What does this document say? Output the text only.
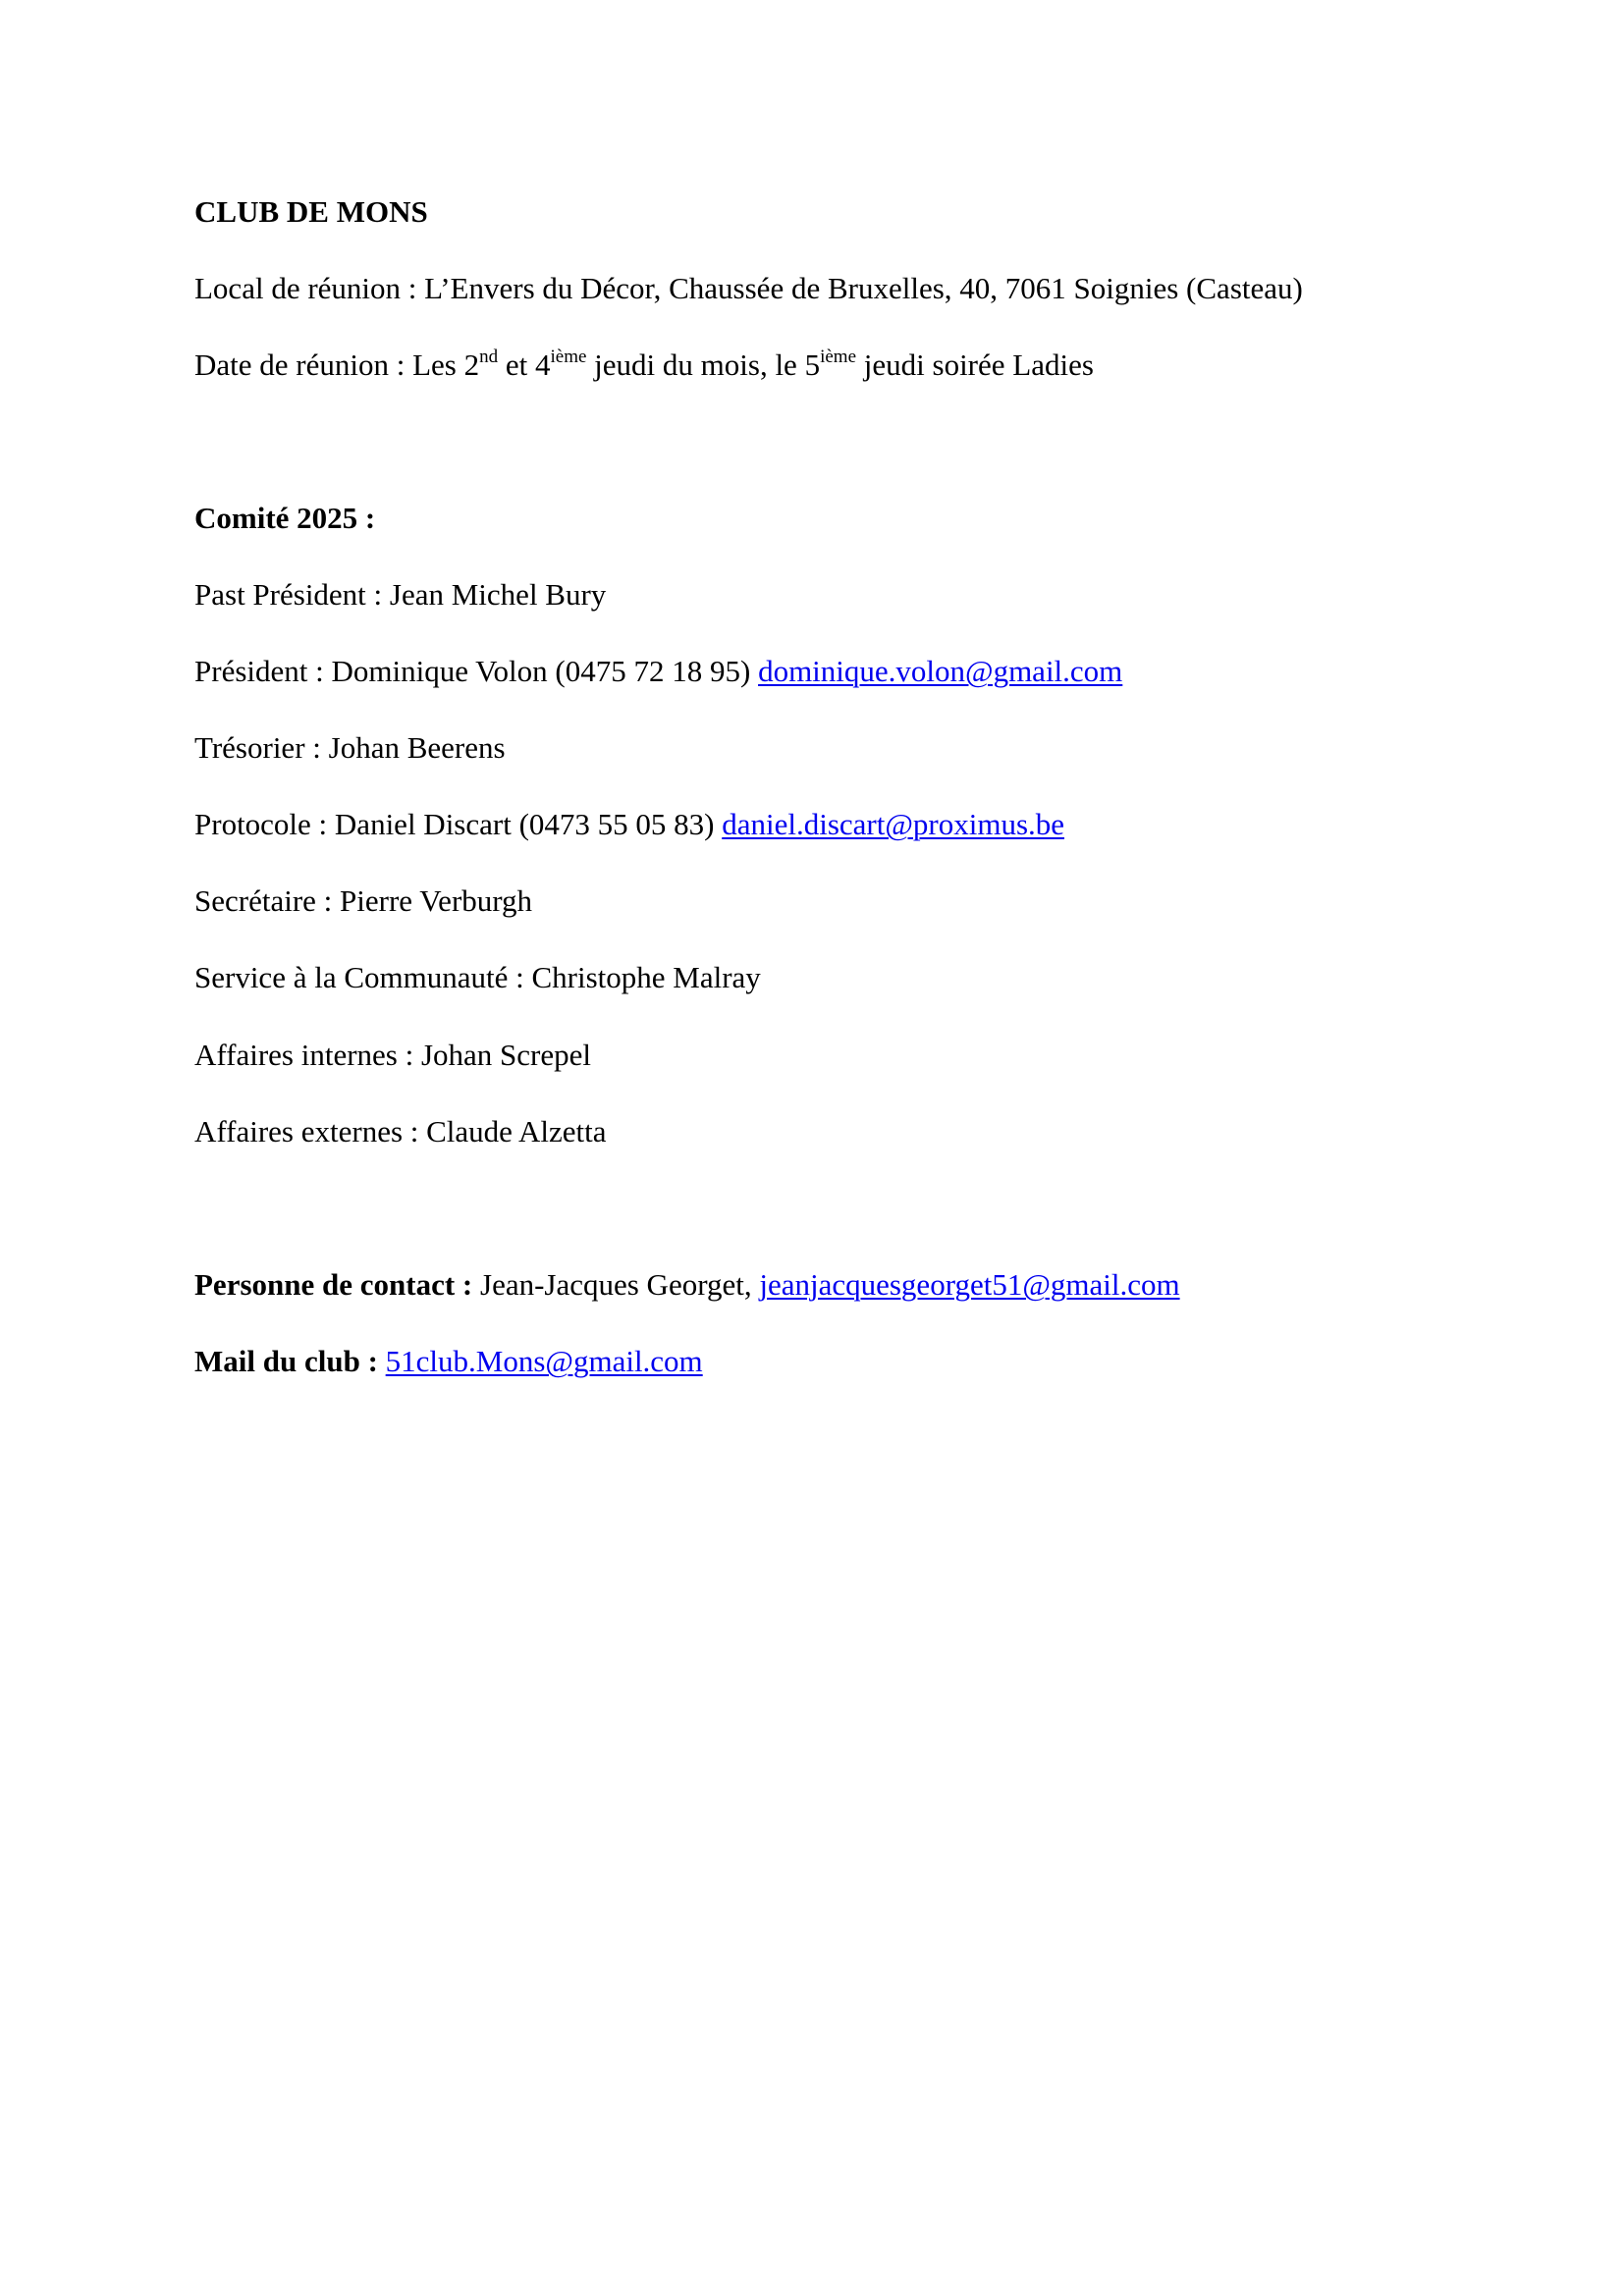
CLUB DE MONS
Local de réunion : L’Envers du Décor, Chaussée de Bruxelles, 40, 7061 Soignies (Casteau)
Date de réunion : Les 2nd et 4ième jeudi du mois, le 5ième jeudi soirée Ladies
Comité 2025 :
Past Président : Jean Michel Bury
Président : Dominique Volon (0475 72 18 95) dominique.volon@gmail.com
Trésorier : Johan Beerens
Protocole : Daniel Discart (0473 55 05 83) daniel.discart@proximus.be
Secrétaire : Pierre Verburgh
Service à la Communauté : Christophe Malray
Affaires internes : Johan Screpel
Affaires externes : Claude Alzetta
Personne de contact : Jean-Jacques Georget, jeanjacquesgeorget51@gmail.com
Mail du club : 51club.Mons@gmail.com
